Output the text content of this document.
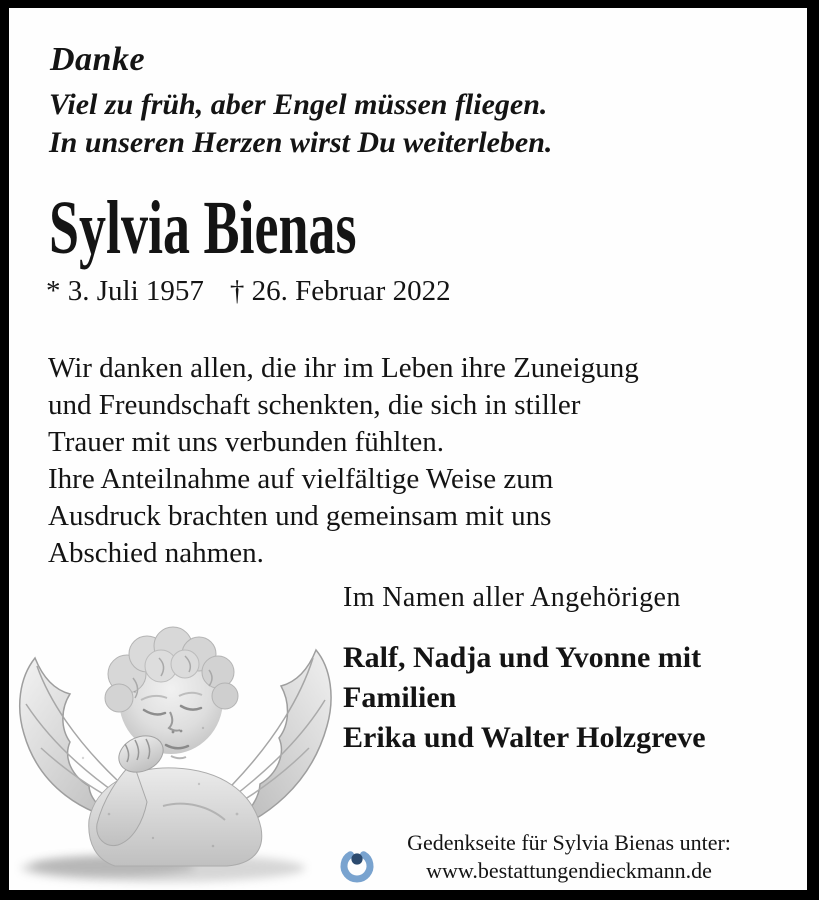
Danke
Viel zu früh, aber Engel müssen fliegen.
In unseren Herzen wirst Du weiterleben.
Sylvia Bienas
* 3. Juli 1957 † 26. Februar 2022
Wir danken allen, die ihr im Leben ihre Zuneigung
und Freundschaft schenkten, die sich in stiller
Trauer mit uns verbunden fühlten.
Ihre Anteilnahme auf vielfältige Weise zum
Ausdruck brachten und gemeinsam mit uns
Abschied nahmen.
Im Namen aller Angehörigen
Ralf, Nadja und Yvonne mit
Familien
Erika und Walter Holzgreve
Gedenkseite für Sylvia Bienas unter:
www.bestattungendieckmann.de
